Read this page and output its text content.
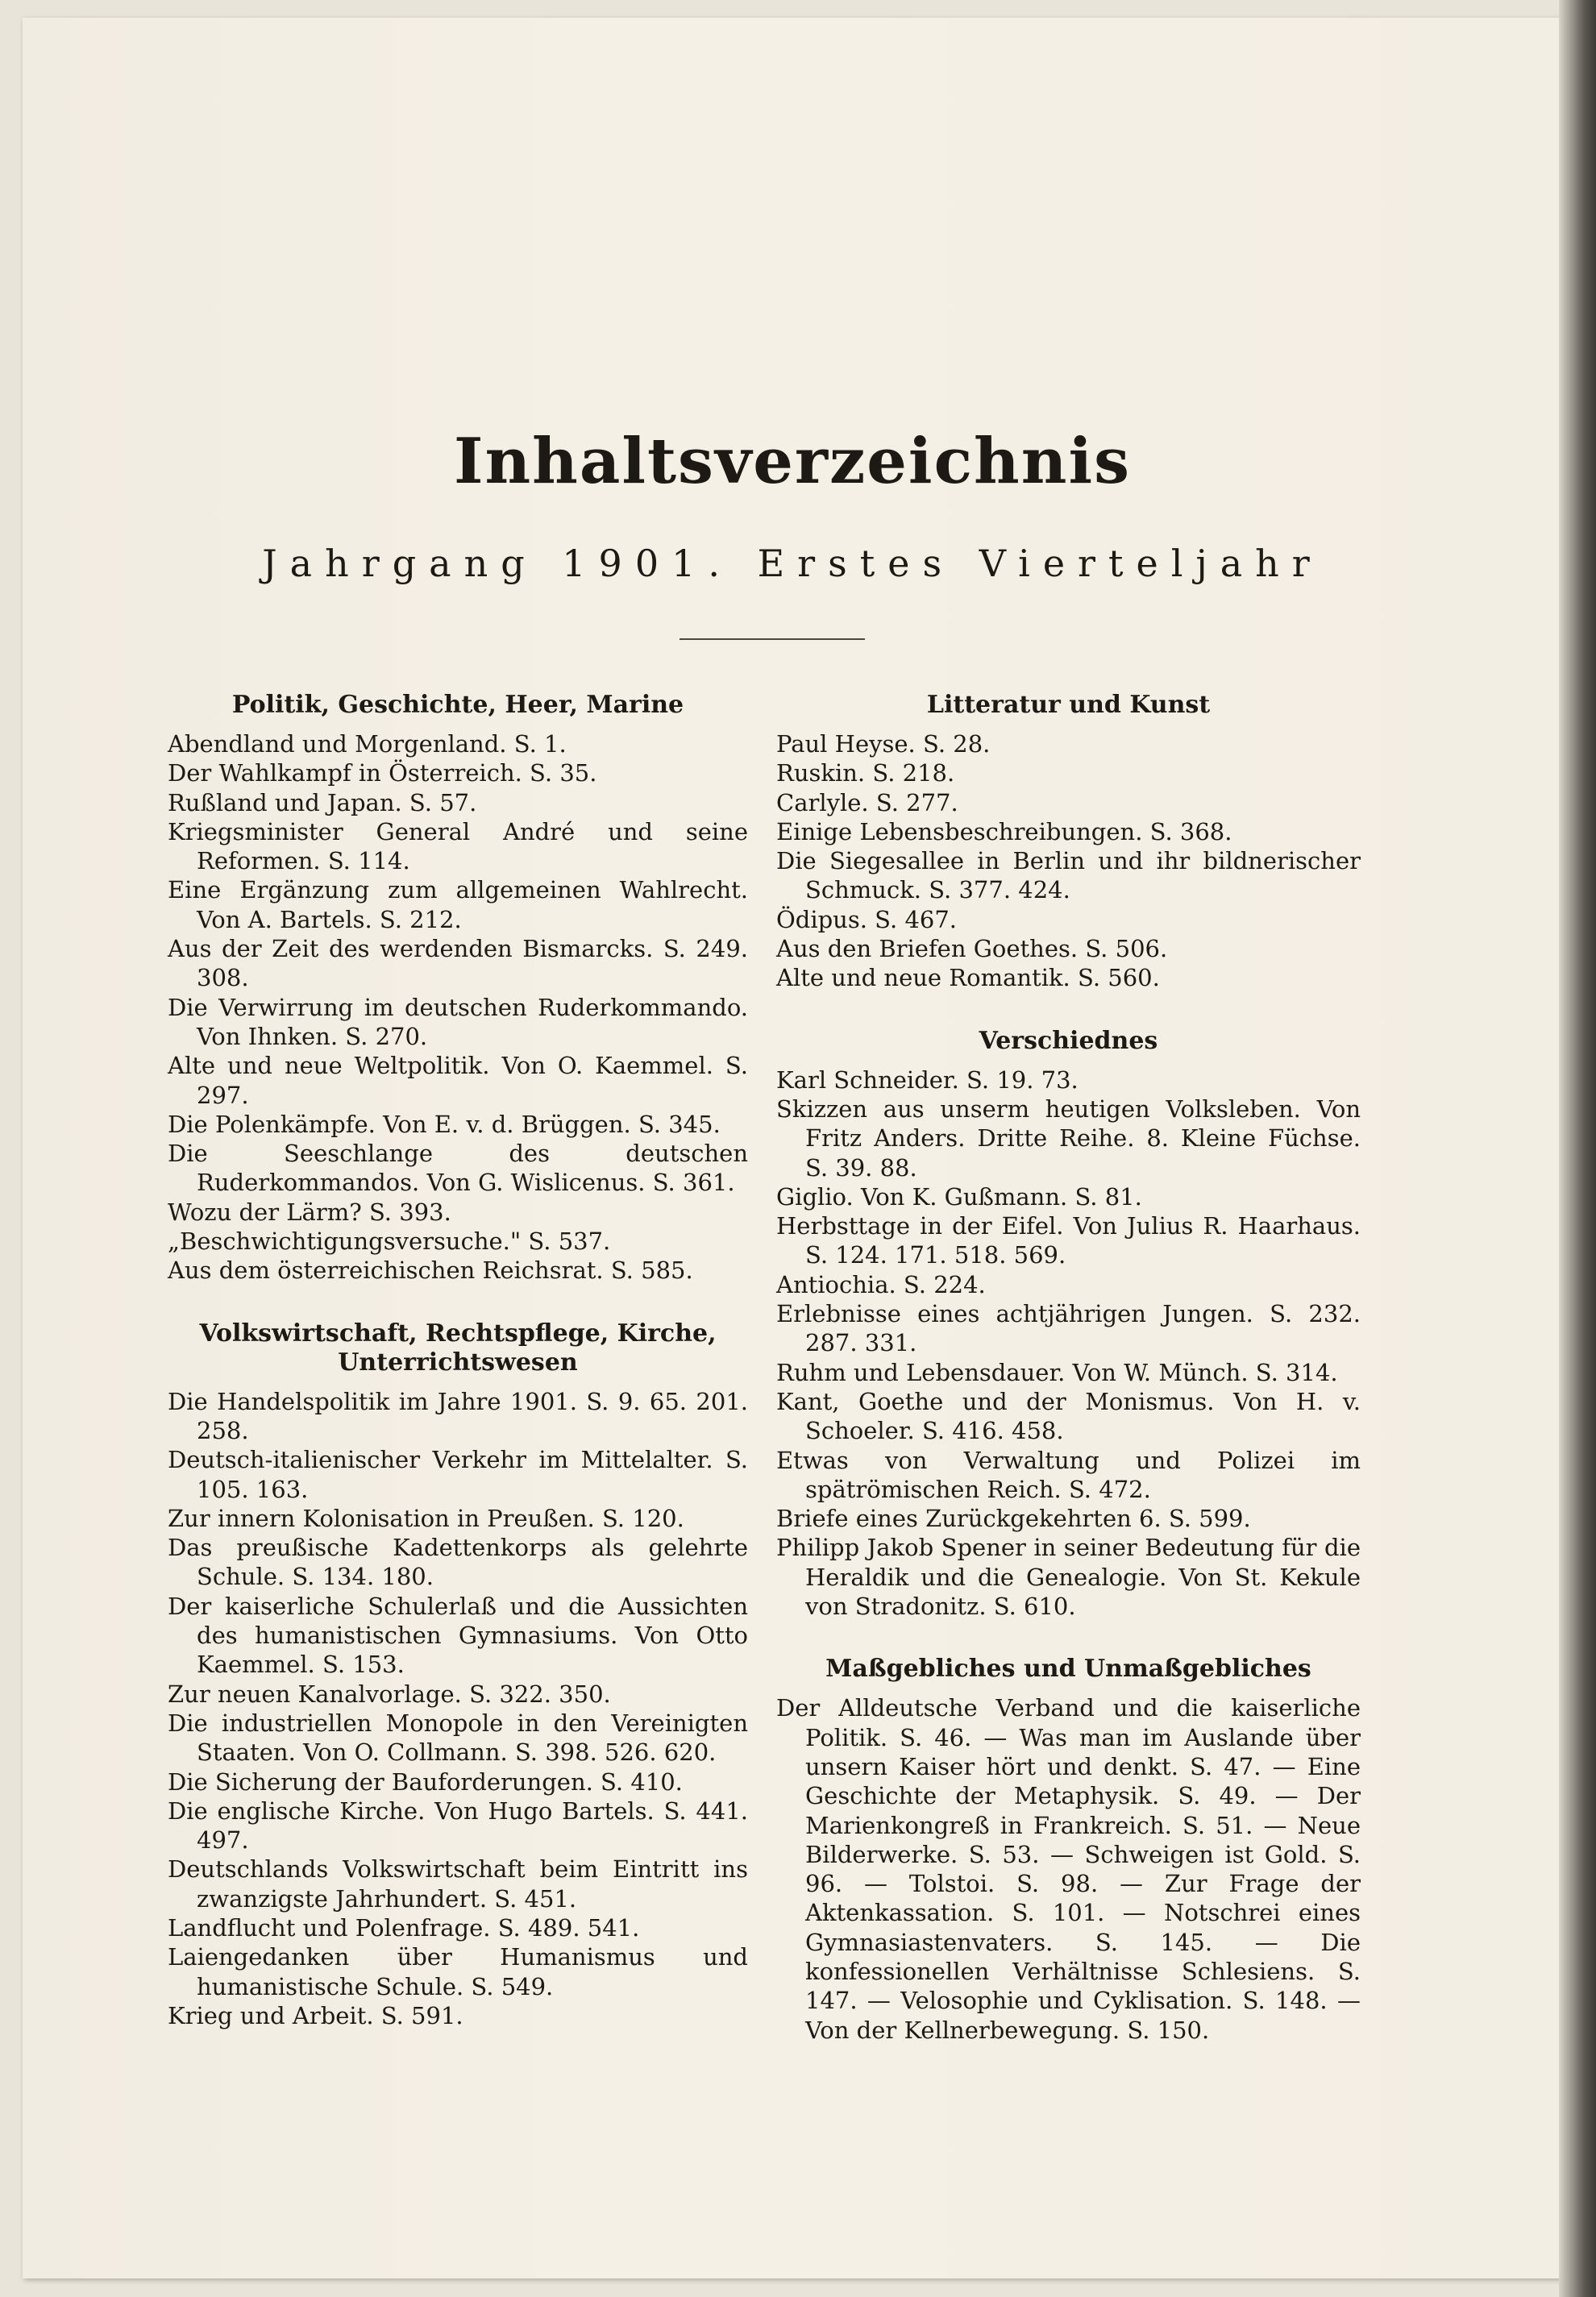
Inhaltsverzeichnis
Jahrgang 1901. Erstes Vierteljahr
Politik, Geschichte, Heer, Marine
Abendland und Morgenland. S. 1.
Der Wahlkampf in Österreich. S. 35.
Rußland und Japan. S. 57.
Kriegsminister General André und seine Reformen. S. 114.
Eine Ergänzung zum allgemeinen Wahlrecht. Von A. Bartels. S. 212.
Aus der Zeit des werdenden Bismarcks. S. 249. 308.
Die Verwirrung im deutschen Ruderkommando. Von Ihnken. S. 270.
Alte und neue Weltpolitik. Von O. Kaemmel. S. 297.
Die Polenkämpfe. Von E. v. d. Brüggen. S. 345.
Die Seeschlange des deutschen Ruderkommandos. Von G. Wislicenus. S. 361.
Wozu der Lärm? S. 393.
„Beschwichtigungsversuche." S. 537.
Aus dem österreichischen Reichsrat. S. 585.
Volkswirtschaft, Rechtspflege, Kirche, Unterrichtswesen
Die Handelspolitik im Jahre 1901. S. 9. 65. 201. 258.
Deutsch-italienischer Verkehr im Mittelalter. S. 105. 163.
Zur innern Kolonisation in Preußen. S. 120.
Das preußische Kadettenkorps als gelehrte Schule. S. 134. 180.
Der kaiserliche Schulerlaß und die Aussichten des humanistischen Gymnasiums. Von Otto Kaemmel. S. 153.
Zur neuen Kanalvorlage. S. 322. 350.
Die industriellen Monopole in den Vereinigten Staaten. Von O. Collmann. S. 398. 526. 620.
Die Sicherung der Bauforderungen. S. 410.
Die englische Kirche. Von Hugo Bartels. S. 441. 497.
Deutschlands Volkswirtschaft beim Eintritt ins zwanzigste Jahrhundert. S. 451.
Landflucht und Polenfrage. S. 489. 541.
Laiengedanken über Humanismus und humanistische Schule. S. 549.
Krieg und Arbeit. S. 591.
Litteratur und Kunst
Paul Heyse. S. 28.
Ruskin. S. 218.
Carlyle. S. 277.
Einige Lebensbeschreibungen. S. 368.
Die Siegesallee in Berlin und ihr bildnerischer Schmuck. S. 377. 424.
Ödipus. S. 467.
Aus den Briefen Goethes. S. 506.
Alte und neue Romantik. S. 560.
Verschiednes
Karl Schneider. S. 19. 73.
Skizzen aus unserm heutigen Volksleben. Von Fritz Anders. Dritte Reihe. 8. Kleine Füchse. S. 39. 88.
Giglio. Von K. Gußmann. S. 81.
Herbsttage in der Eifel. Von Julius R. Haarhaus. S. 124. 171. 518. 569.
Antiochia. S. 224.
Erlebnisse eines achtjährigen Jungen. S. 232. 287. 331.
Ruhm und Lebensdauer. Von W. Münch. S. 314.
Kant, Goethe und der Monismus. Von H. v. Schoeler. S. 416. 458.
Etwas von Verwaltung und Polizei im spätrömischen Reich. S. 472.
Briefe eines Zurückgekehrten 6. S. 599.
Philipp Jakob Spener in seiner Bedeutung für die Heraldik und die Genealogie. Von St. Kekule von Stradonitz. S. 610.
Maßgebliches und Unmaßgebliches
Der Alldeutsche Verband und die kaiserliche Politik. S. 46. — Was man im Auslande über unsern Kaiser hört und denkt. S. 47. — Eine Geschichte der Metaphysik. S. 49. — Der Marienkongreß in Frankreich. S. 51. — Neue Bilderwerke. S. 53. — Schweigen ist Gold. S. 96. — Tolstoi. S. 98. — Zur Frage der Aktenkassation. S. 101. — Notschrei eines Gymnasiastenvaters. S. 145. — Die konfessionellen Verhältnisse Schlesiens. S. 147. — Velosophie und Cyklisation. S. 148. — Von der Kellnerbewegung. S. 150.
